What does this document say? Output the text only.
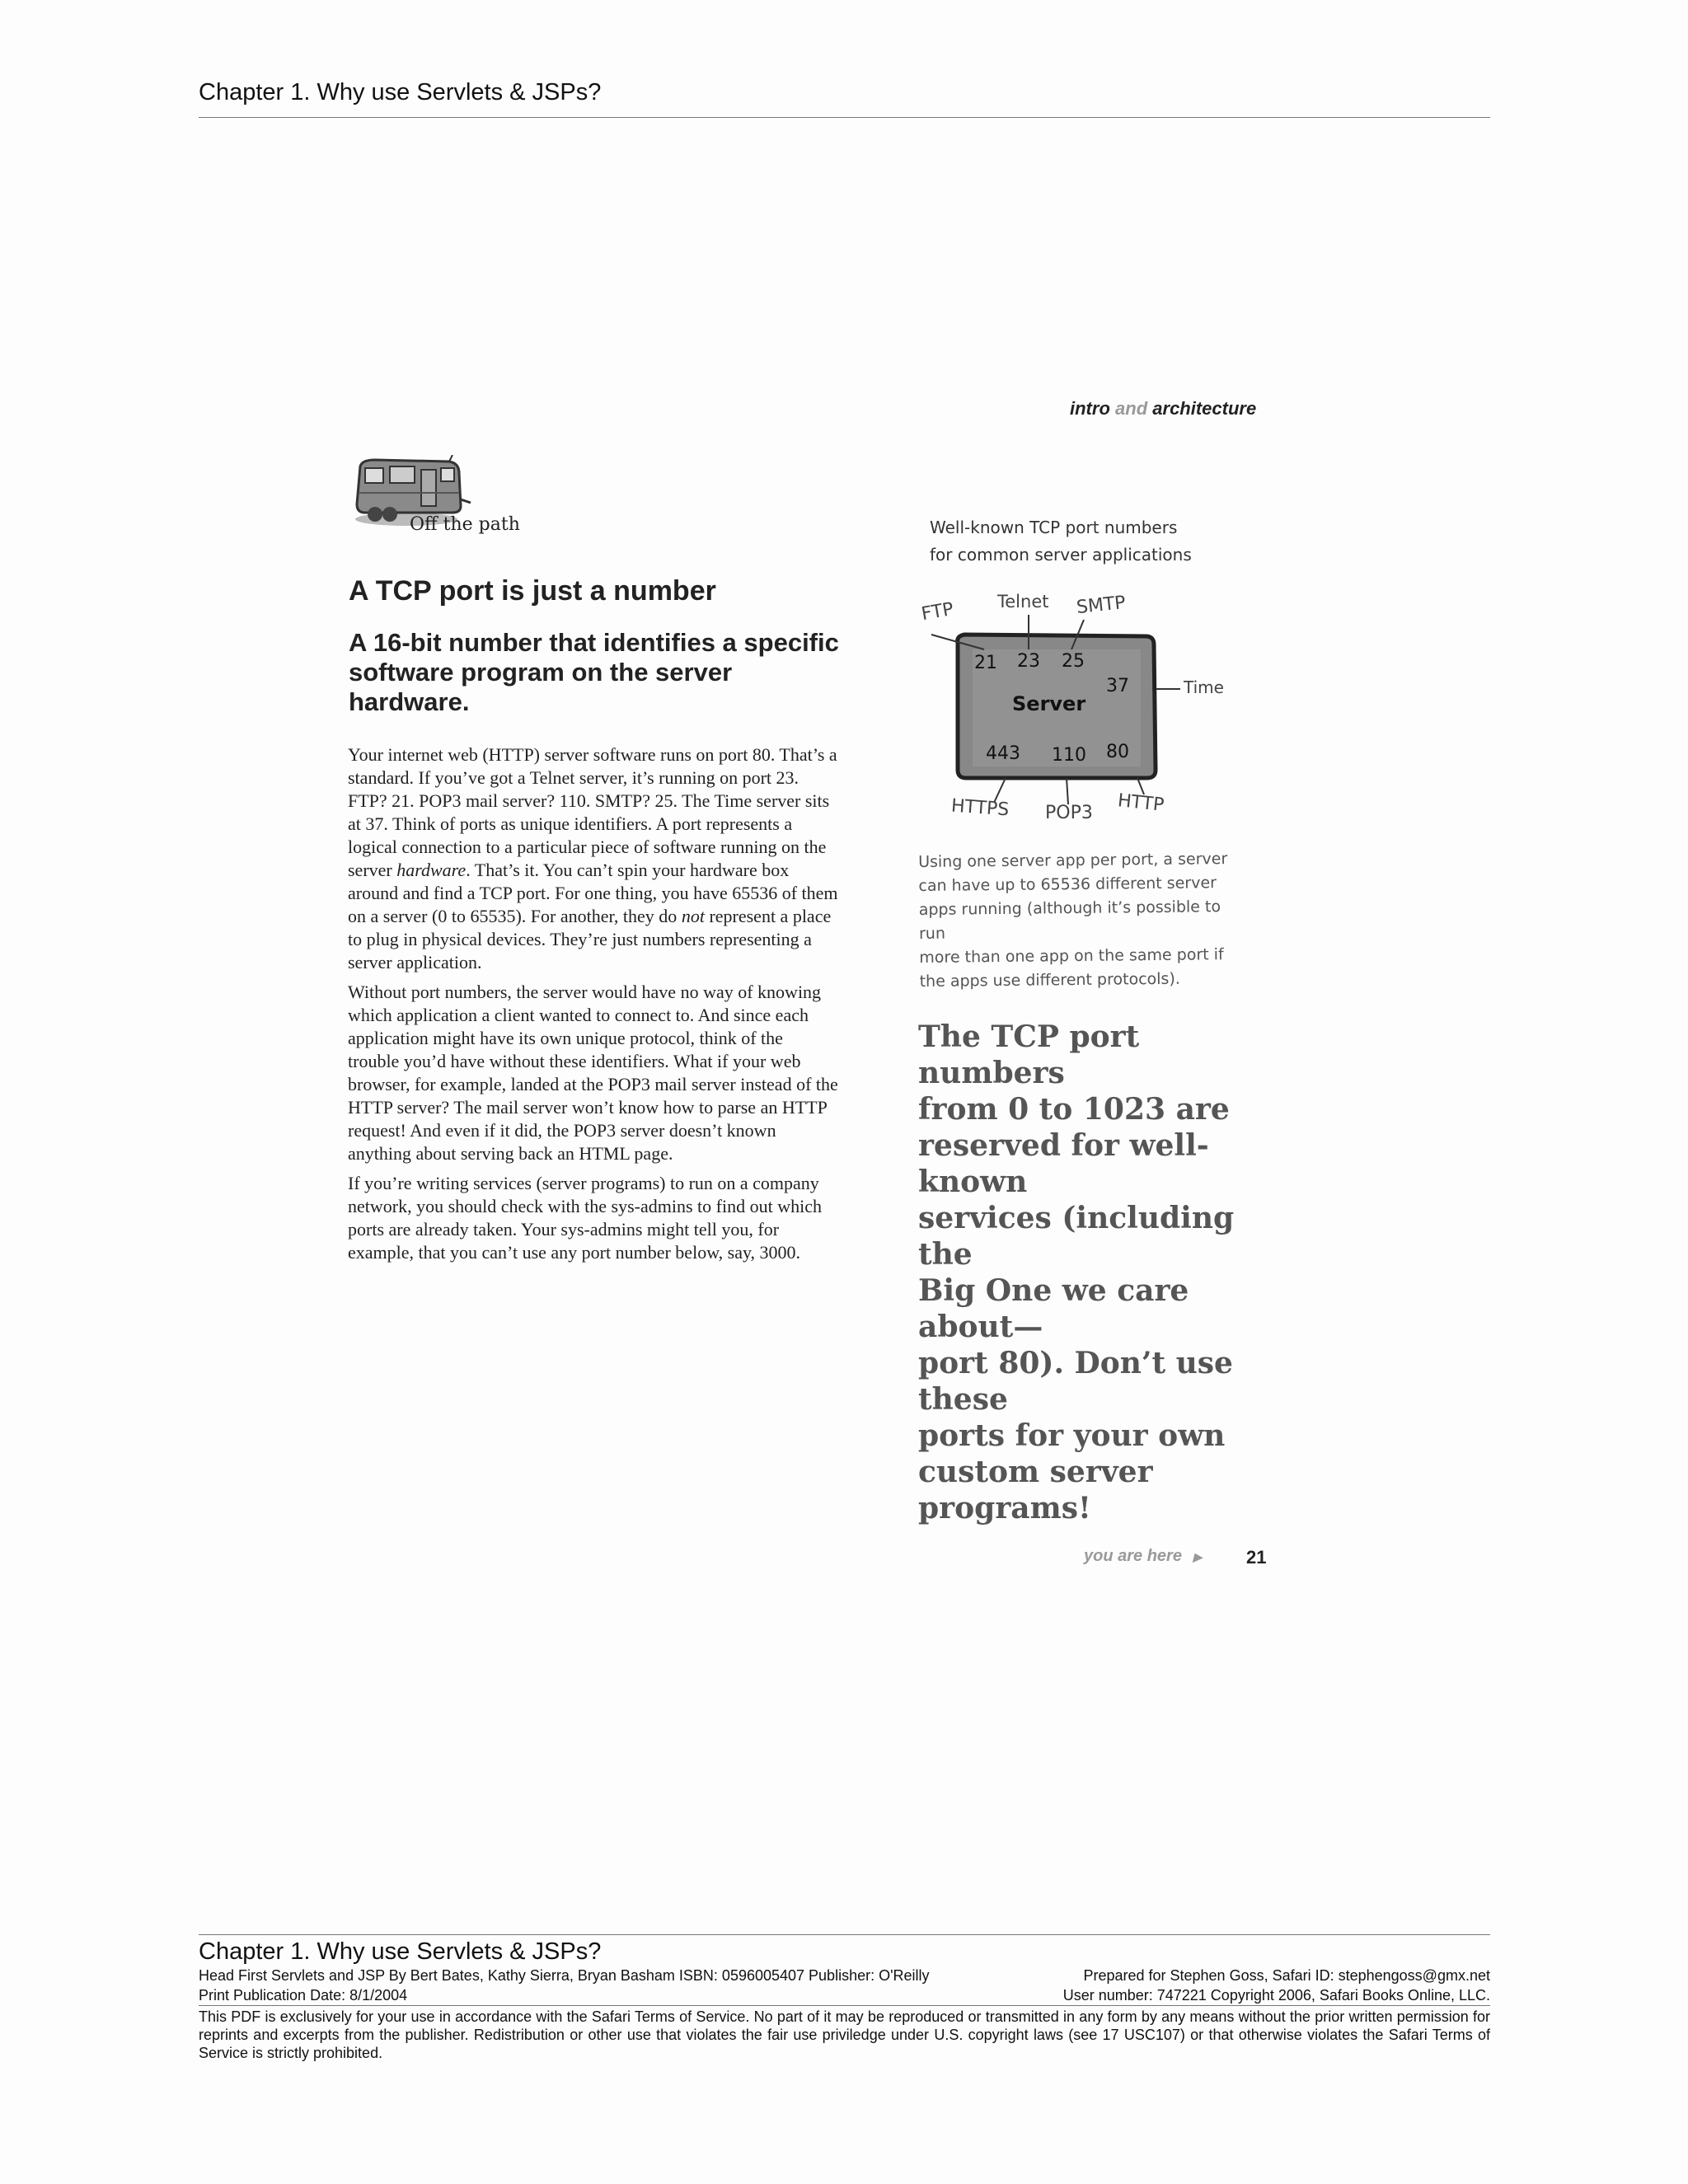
Chapter 1. Why use Servlets & JSPs?
intro and architecture
Off the path
A TCP port is just a number
A 16-bit number that identifies a specific software program on the server hardware.

Your internet web (HTTP) server software runs on port 80. That’s a standard. If you’ve got a Telnet server, it’s running on port 23. FTP? 21. POP3 mail server? 110. SMTP? 25. The Time server sits at 37. Think of ports as unique identifiers. A port represents a logical connection to a particular piece of software running on the server hardware. That’s it. You can’t spin your hardware box around and find a TCP port. For one thing, you have 65536 of them on a server (0 to 65535). For another, they do not represent a place to plug in physical devices. They’re just numbers representing a server application.

Without port numbers, the server would have no way of knowing which application a client wanted to connect to. And since each application might have its own unique protocol, think of the trouble you’d have without these identifiers. What if your web browser, for example, landed at the POP3 mail server instead of the HTTP server? The mail server won’t know how to parse an HTTP request! And even if it did, the POP3 server doesn’t known anything about serving back an HTML page.

If you’re writing services (server programs) to run on a company network, you should check with the sys-admins to find out which ports are already taken. Your sys-admins might tell you, for example, that you can’t use any port number below, say, 3000.

Well-known TCP port numbers
for common server applications
FTP Telnet SMTP
21 23 25
Server
37	Time
443 110 80
HTTPS POP3 HTTP
Using one server app per port, a server
can have up to 65536 different server
apps running (although it’s possible to run
more than one app on the same port if
the apps use different protocols).
The TCP port numbers
from 0 to 1023 are
reserved for well-known
services (including the
Big One we care about—
port 80). Don’t use these
ports for your own
custom server programs!
you are here ▶ 21
Chapter 1. Why use Servlets & JSPs?
Head First Servlets and JSP By Bert Bates, Kathy Sierra, Bryan Basham ISBN: 0596005407 Publisher: O'Reilly	Prepared for Stephen Goss, Safari ID: stephengoss@gmx.net
Print Publication Date: 8/1/2004	User number: 747221 Copyright 2006, Safari Books Online, LLC.
This PDF is exclusively for your use in accordance with the Safari Terms of Service. No part of it may be reproduced or transmitted in any form by any means without the prior written permission for reprints and excerpts from the publisher. Redistribution or other use that violates the fair use priviledge under U.S. copyright laws (see 17 USC107) or that otherwise violates the Safari Terms of Service is strictly prohibited.
